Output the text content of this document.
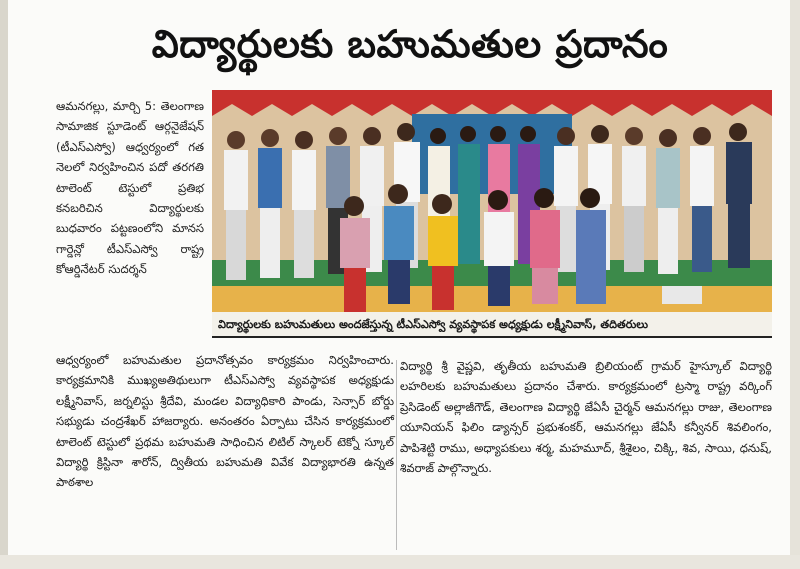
విద్యార్థులకు బహుమతుల ప్రదానం

ఆమనగల్లు, మార్చి 5: తెలంగాణ సామాజిక స్టూడెంట్ ఆర్గనైజేషన్ (టీఎస్ఎస్వో) ఆధ్వర్యంలో గత నెలలో నిర్వహించిన పదో తరగతి టాలెంట్ టెస్టులో ప్రతిభ కనబరిచిన విద్యార్థులకు బుధవారం పట్టణంలోని మానస గార్డెన్లో టీఎస్ఎస్వో రాష్ట్ర కోఆర్డినేటర్ సుదర్శన్

విద్యార్థులకు బహుమతులు అందజేస్తున్న టీఎస్ఎస్వో వ్యవస్థాపక అధ్యక్షుడు లక్ష్మీనివాస్, తదితరులు

ఆధ్వర్యంలో బహుమతుల ప్రదానోత్సవం కార్యక్రమం నిర్వహించారు. కార్యక్రమానికి ముఖ్యఅతిథులుగా టీఎస్ఎస్వో వ్యవస్థాపక అధ్యక్షుడు లక్ష్మీనివాస్, జర్నలిస్టు శ్రీదేవి, మండల విద్యాధికారి పాండు, సెన్సార్ బోర్డు సభ్యుడు చంద్రశేఖర్ హాజర్యారు. అనంతరం ఏర్పాటు చేసిన కార్యక్రమంలో టాలెంట్ టెస్టులో ప్రథమ బహుమతి సాధించిన లిటిల్ స్కాలర్ టెక్నో స్కూల్ విద్యార్థి క్రిస్టినా శారోన్, ద్వితీయ బహుమతి వివేక విద్యాభారతి ఉన్నత పాఠశాల

విద్యార్థి శ్రీ వైష్ణవి, తృతీయ బహుమతి బ్రిలియంట్ గ్రామర్ హైస్కూల్ విద్యార్థి లహరిలకు బహుమతులు ప్రదానం చేశారు. కార్యక్రమంలో ట్రస్మా రాష్ట్ర వర్కింగ్ ప్రెసిడెంట్ అల్లాజీగౌడ్, తెలంగాణ విద్యార్థి జేఏసీ చైర్మన్ ఆమనగల్లు రాజు, తెలంగాణ యూనియన్ ఫిలిం డ్యాన్సర్ ప్రభుశంకర్, ఆమనగల్లు జేఏసీ కన్వీనర్ శివలింగం, పాపిశెట్టి రాము, అధ్యాపకులు శర్మ, మహమూద్, శ్రీశైలం, చిక్కి, శివ, సాయి, ధనుష్, శివరాజ్ పాల్గొన్నారు.
